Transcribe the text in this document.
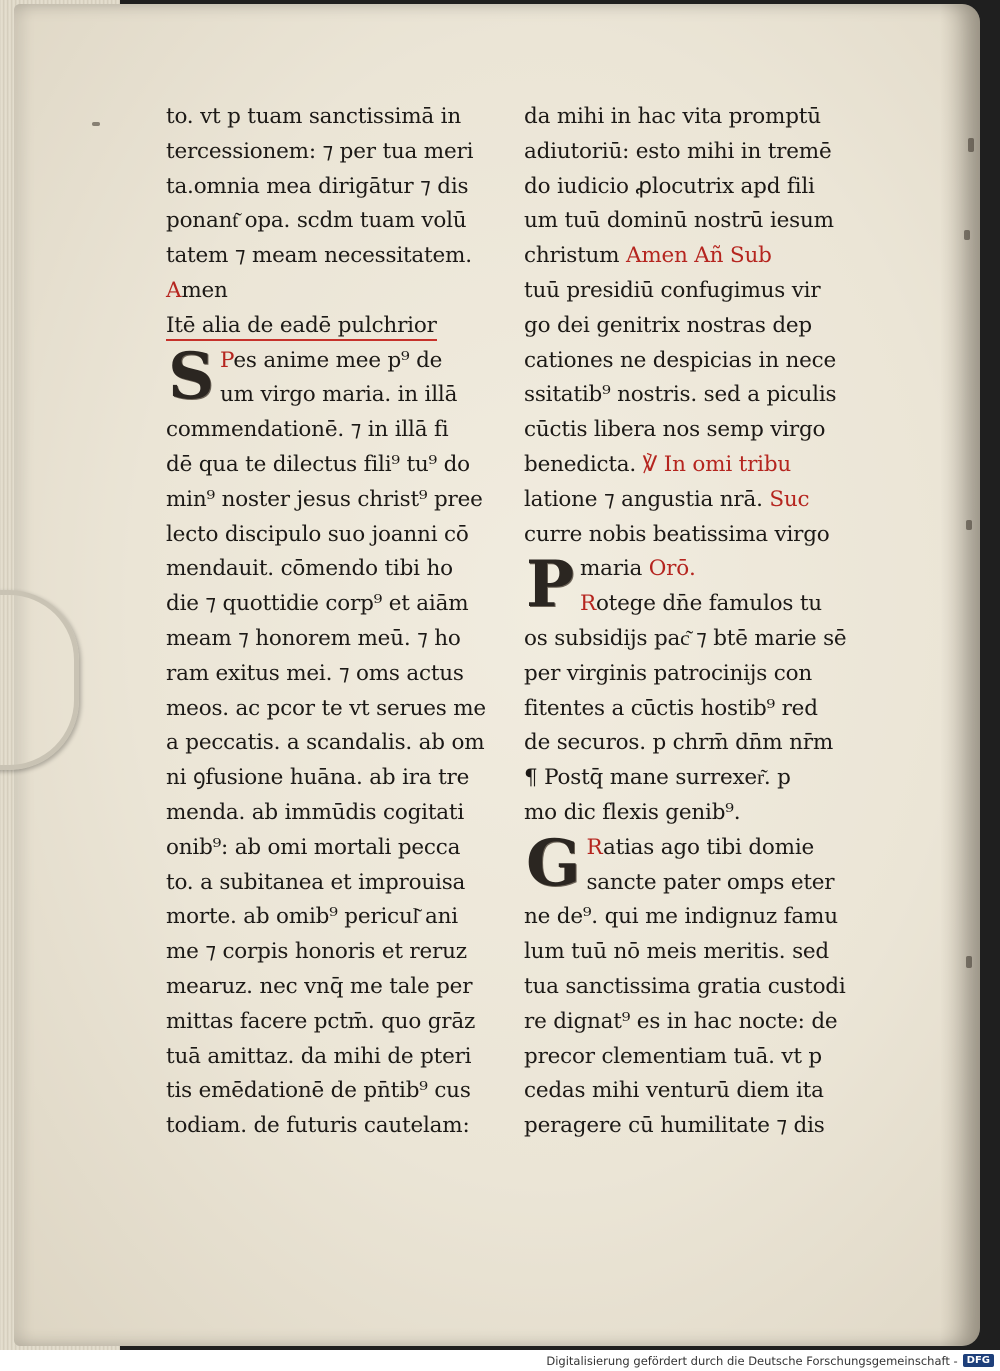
to. vt p tuam sanctissimā in
tercessionem: ⁊ per tua meri
ta.omnia mea dirigātur ⁊ dis
ponant͂ opa. scdm tuam volū
tatem ⁊ meam necessitatem.
Amen
Itē alia de eadē pulchrior
S Pes anime mee p⁹ de
um virgo maria. in illā
commendationē. ⁊ in illā fi
dē qua te dilectus fili⁹ tu⁹ do
min⁹ noster jesus christ⁹ pree
lecto discipulo suo joanni cō
mendauit. cōmendo tibi ho
die ⁊ quottidie corp⁹ et aiām
meam ⁊ honorem meū. ⁊ ho
ram exitus mei. ⁊ oms actus
meos. ac pcor te vt serues me
a peccatis. a scandalis. ab om
ni ꝯfusione huāna. ab ira tre
menda. ab immūdis cogitati
onib⁹: ab omi mortali pecca
to. a subitanea et improuisa
morte. ab omib⁹ pericul͂ ani
me ⁊ corpis honoris et reruz
mearuz. nec vnq̄ me tale per
mittas facere pctm̄. quo grāz
tuā amittaz. da mihi de pteri
tis emēdationē de pn̄tib⁹ cus
todiam. de futuris cautelam:
da mihi in hac vita promptū
adiutoriū: esto mihi in tremē
do iudicio ꝓlocutrix apd fili
um tuū dominū nostrū iesum
christum Amen Añ Sub
tuū presidiū confugimus vir
go dei genitrix nostras dep
cationes ne despicias in nece
ssitatib⁹ nostris. sed a piculis
cūctis libera nos semp virgo
benedicta. ℣ In omi tribu
latione ⁊ angustia nrā. Suc
curre nobis beatissima virgo
Pmaria Orō.
Rotege dn̄e famulos tu
os subsidijs pac͂ ⁊ btē marie sē
per virginis patrocinijs con
fitentes a cūctis hostib⁹ red
de securos. p chrm̄ dn̄m nr̄m
¶ Postq̄ mane surrexer͂. p
mo dic flexis genib⁹.
G Ratias ago tibi domie
sancte pater omps eter
ne de⁹. qui me indignuz famu
lum tuū nō meis meritis. sed
tua sanctissima gratia custodi
re dignat⁹ es in hac nocte: de
precor clementiam tuā. vt p
cedas mihi venturū diem ita
peragere cū humilitate ⁊ dis
Digitalisierung gefördert durch die Deutsche Forschungsgemeinschaft - DFG
